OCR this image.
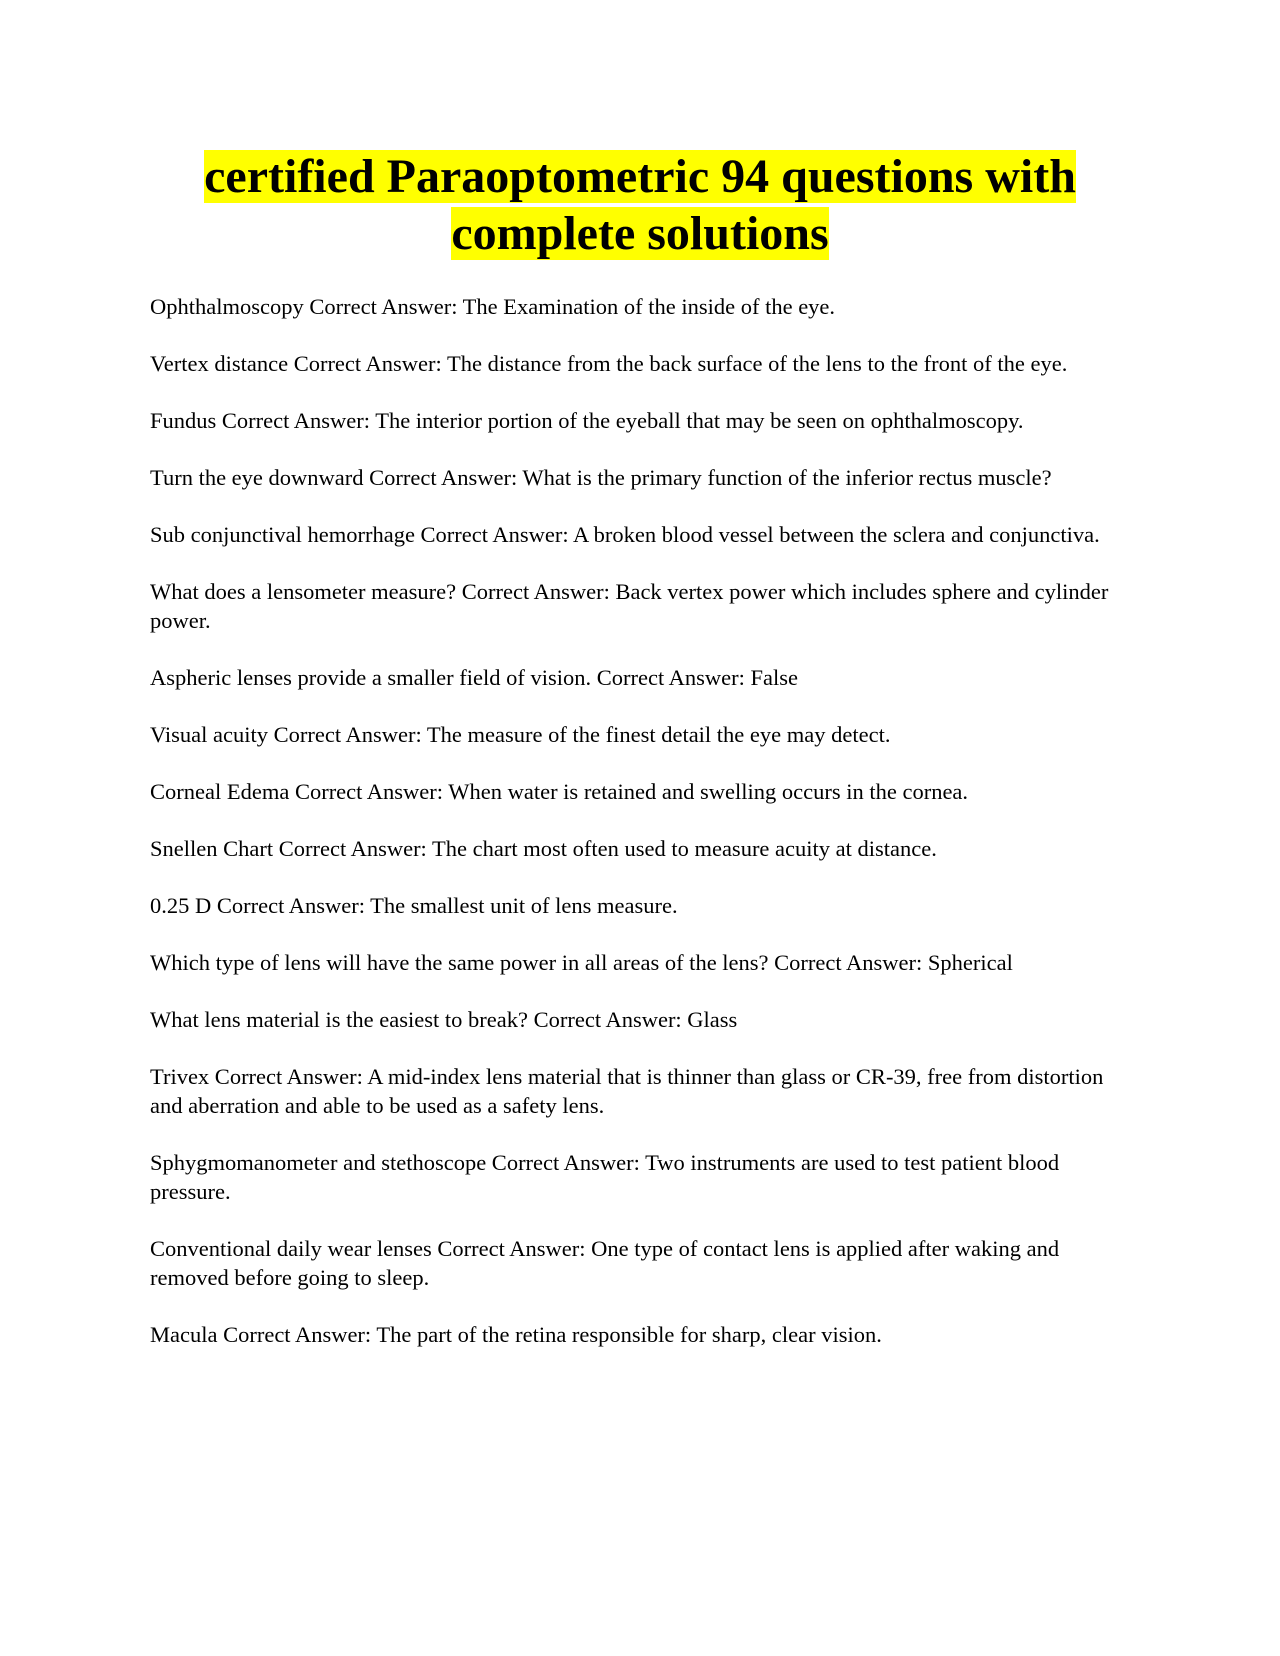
certified Paraoptometric 94 questions with complete solutions
Ophthalmoscopy Correct Answer: The Examination of the inside of the eye.
Vertex distance Correct Answer: The distance from the back surface of the lens to the front of the eye.
Fundus Correct Answer: The interior portion of the eyeball that may be seen on ophthalmoscopy.
Turn the eye downward Correct Answer: What is the primary function of the inferior rectus muscle?
Sub conjunctival hemorrhage Correct Answer: A broken blood vessel between the sclera and conjunctiva.
What does a lensometer measure? Correct Answer: Back vertex power which includes sphere and cylinder power.
Aspheric lenses provide a smaller field of vision. Correct Answer: False
Visual acuity Correct Answer: The measure of the finest detail the eye may detect.
Corneal Edema Correct Answer: When water is retained and swelling occurs in the cornea.
Snellen Chart Correct Answer: The chart most often used to measure acuity at distance.
0.25 D Correct Answer: The smallest unit of lens measure.
Which type of lens will have the same power in all areas of the lens? Correct Answer: Spherical
What lens material is the easiest to break? Correct Answer: Glass
Trivex Correct Answer: A mid-index lens material that is thinner than glass or CR-39, free from distortion and aberration and able to be used as a safety lens.
Sphygmomanometer and stethoscope Correct Answer: Two instruments are used to test patient blood pressure.
Conventional daily wear lenses Correct Answer: One type of contact lens is applied after waking and removed before going to sleep.
Macula Correct Answer: The part of the retina responsible for sharp, clear vision.
